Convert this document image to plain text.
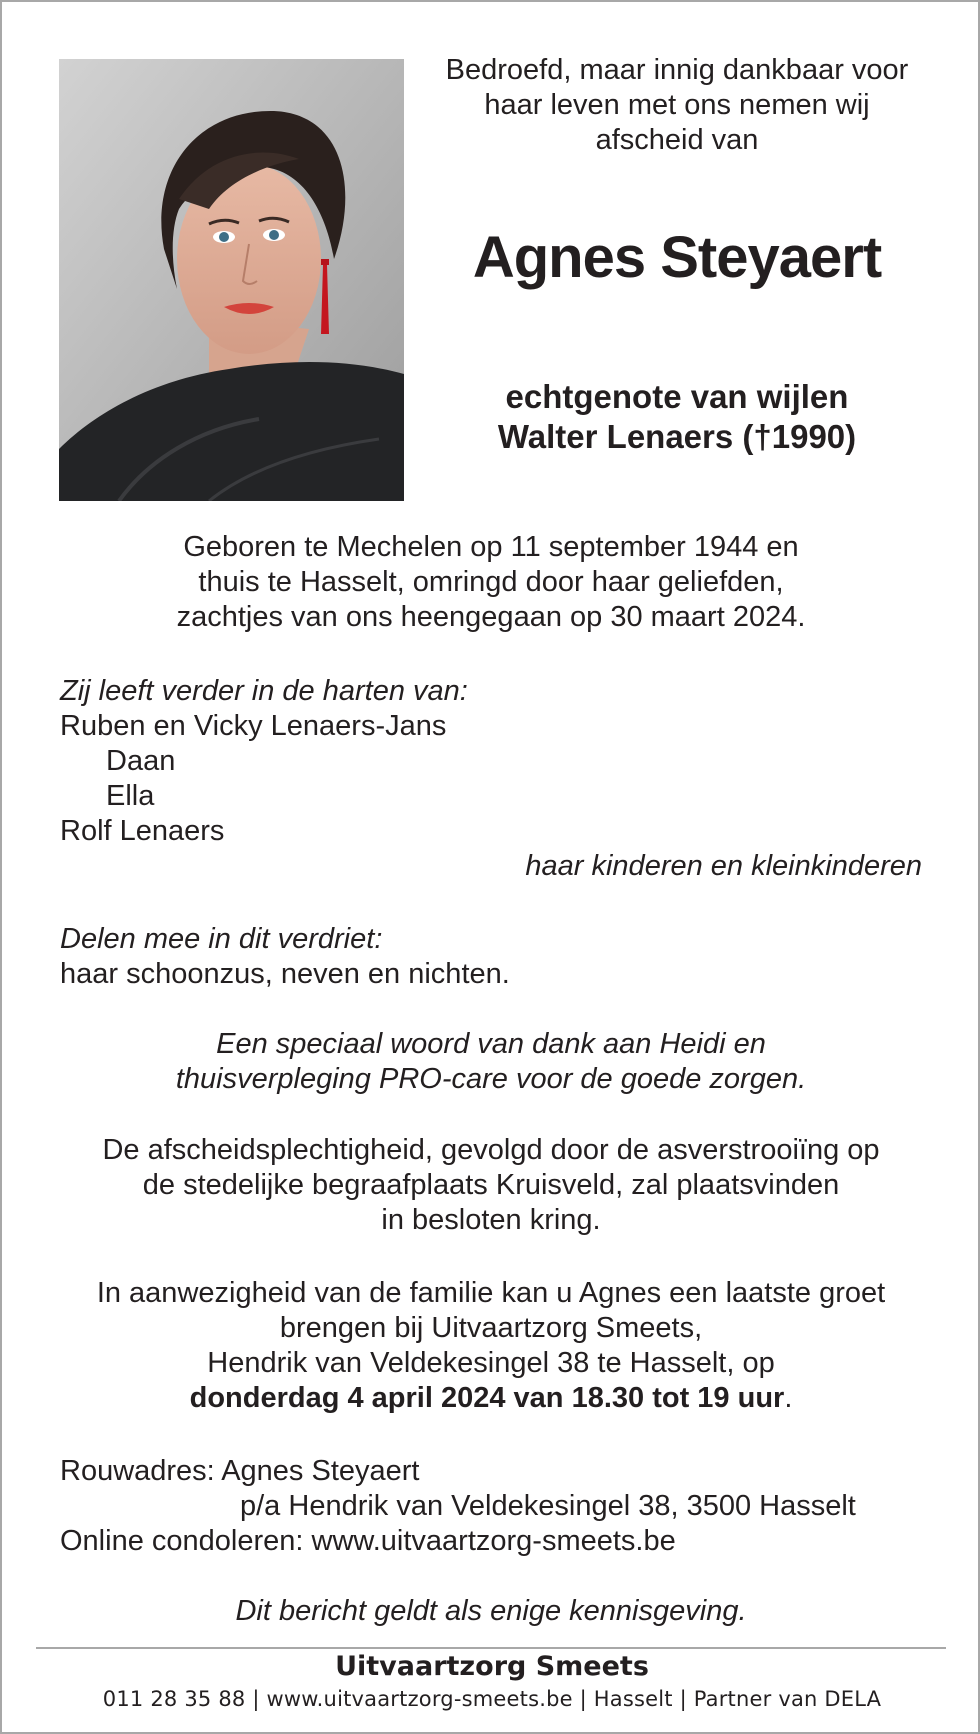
Bedroefd, maar innig dankbaar voor
haar leven met ons nemen wij
afscheid van
Agnes Steyaert
echtgenote van wijlen
Walter Lenaers (†1990)
Geboren te Mechelen op 11 september 1944 en
thuis te Hasselt, omringd door haar geliefden,
zachtjes van ons heengegaan op 30 maart 2024.
Zij leeft verder in de harten van:
Ruben en Vicky Lenaers-Jans
Daan
Ella
Rolf Lenaers
haar kinderen en kleinkinderen
Delen mee in dit verdriet:
haar schoonzus, neven en nichten.
Een speciaal woord van dank aan Heidi en
thuisverpleging PRO-care voor de goede zorgen.
De afscheidsplechtigheid, gevolgd door de asverstrooiïng op
de stedelijke begraafplaats Kruisveld, zal plaatsvinden
in besloten kring.
In aanwezigheid van de familie kan u Agnes een laatste groet
brengen bij Uitvaartzorg Smeets,
Hendrik van Veldekesingel 38 te Hasselt, op
donderdag 4 april 2024 van 18.30 tot 19 uur.
Rouwadres: Agnes Steyaert
p/a Hendrik van Veldekesingel 38, 3500 Hasselt
Online condoleren: www.uitvaartzorg-smeets.be
Dit bericht geldt als enige kennisgeving.
Uitvaartzorg Smeets
011 28 35 88 | www.uitvaartzorg-smeets.be | Hasselt | Partner van DELA
